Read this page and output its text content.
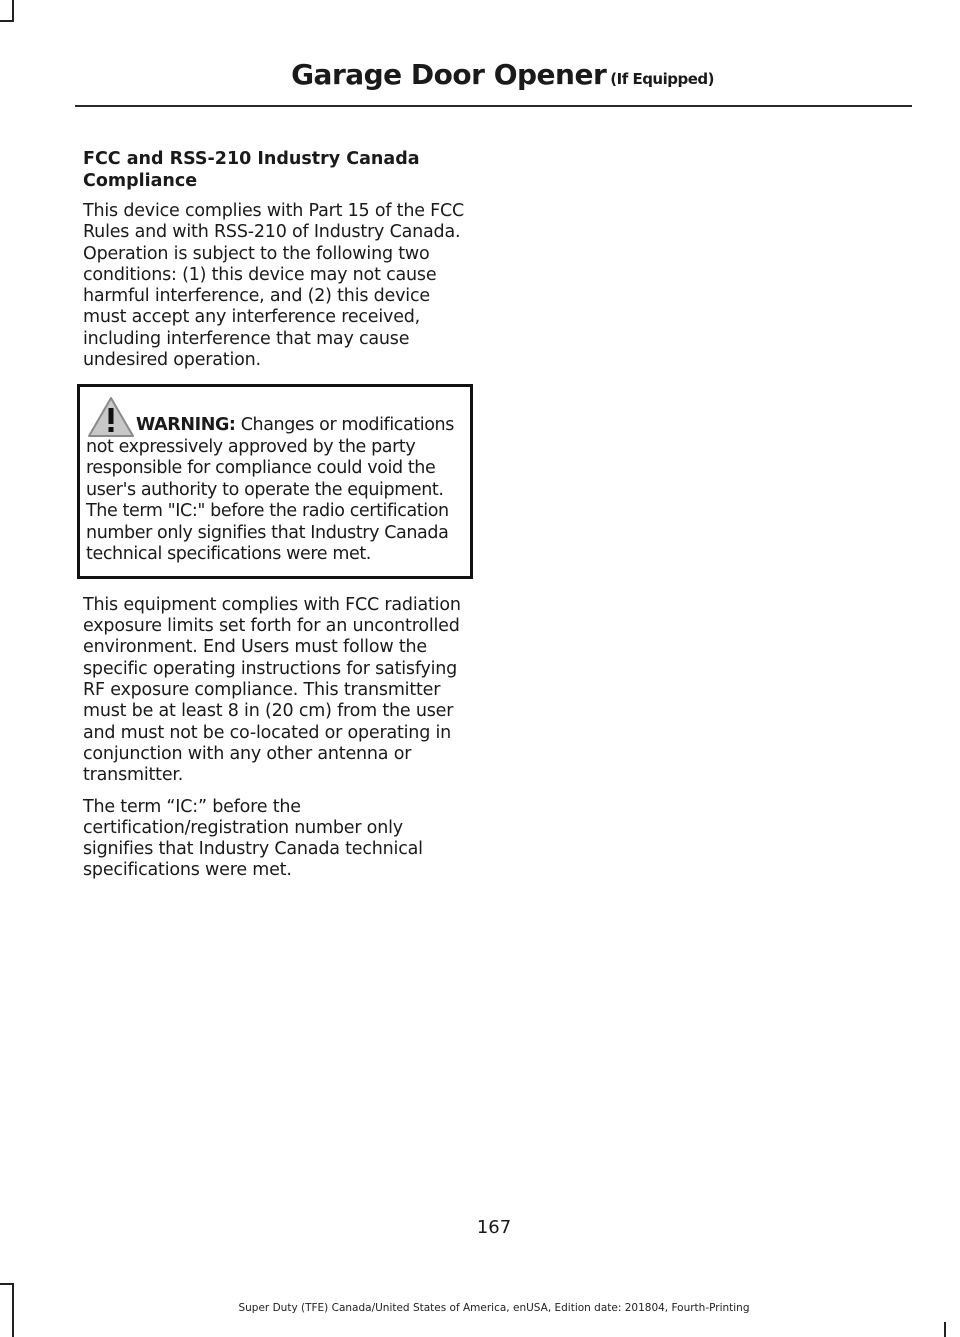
Garage Door Opener (If Equipped)
FCC and RSS-210 Industry Canada Compliance

This device complies with Part 15 of the FCC Rules and with RSS-210 of Industry Canada. Operation is subject to the following two conditions: (1) this device may not cause harmful interference, and (2) this device must accept any interference received, including interference that may cause undesired operation.

WARNING: Changes or modifications not expressively approved by the party responsible for compliance could void the user's authority to operate the equipment. The term "IC:" before the radio certification number only signifies that Industry Canada technical specifications were met.

This equipment complies with FCC radiation exposure limits set forth for an uncontrolled environment. End Users must follow the specific operating instructions for satisfying RF exposure compliance. This transmitter must be at least 8 in (20 cm) from the user and must not be co-located or operating in conjunction with any other antenna or transmitter.

The term “IC:” before the certification/registration number only signifies that Industry Canada technical specifications were met.

167
Super Duty (TFE) Canada/United States of America, enUSA, Edition date: 201804, Fourth-Printing
